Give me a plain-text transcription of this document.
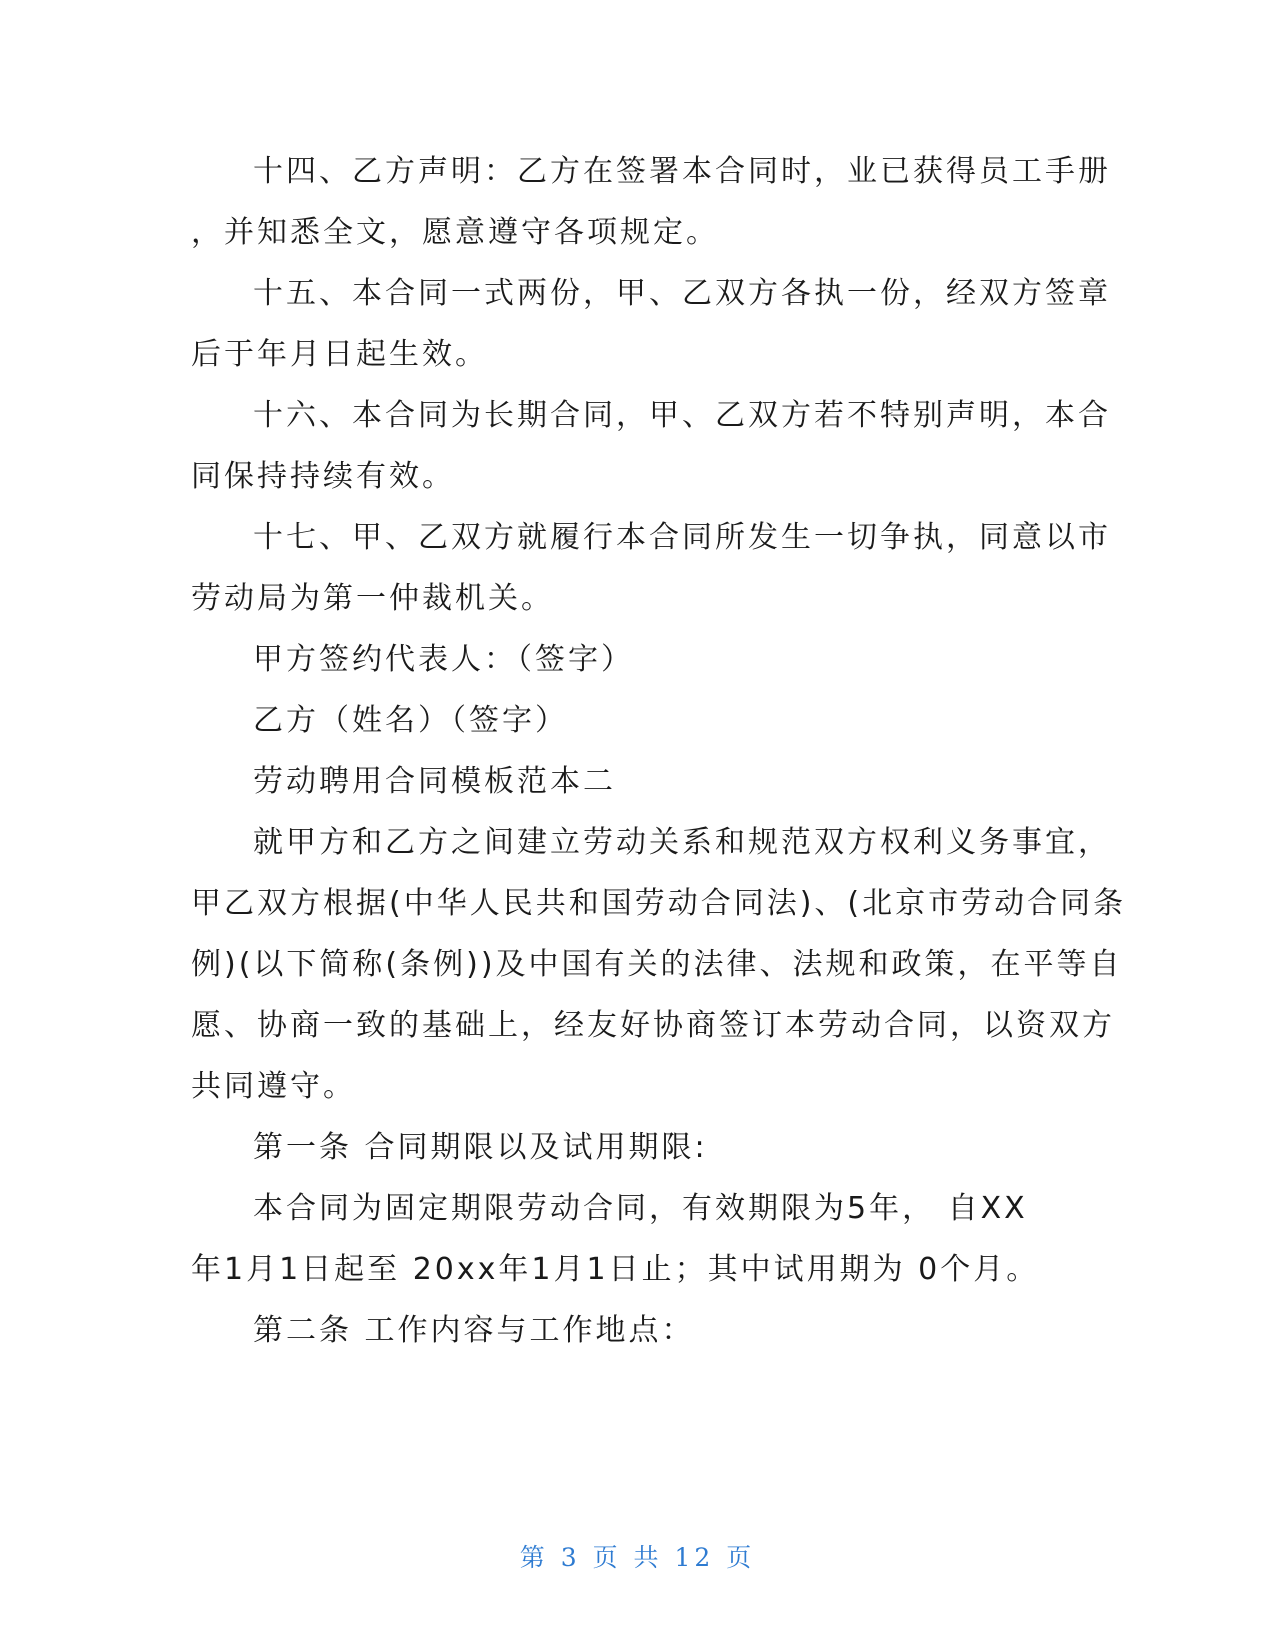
十四、乙方声明：乙方在签署本合同时，业已获得员工手册
，并知悉全文，愿意遵守各项规定。
十五、本合同一式两份，甲、乙双方各执一份，经双方签章
后于年月日起生效。
十六、本合同为长期合同，甲、乙双方若不特别声明，本合
同保持持续有效。
十七、甲、乙双方就履行本合同所发生一切争执，同意以市
劳动局为第一仲裁机关。
甲方签约代表人：（签字）
乙方（姓名）（签字）
劳动聘用合同模板范本二
就甲方和乙方之间建立劳动关系和规范双方权利义务事宜，
甲乙双方根据(中华人民共和国劳动合同法)、(北京市劳动合同条
例)(以下简称(条例))及中国有关的法律、法规和政策，在平等自
愿、协商一致的基础上，经友好协商签订本劳动合同，以资双方
共同遵守。
第一条 合同期限以及试用期限:
本合同为固定期限劳动合同，有效期限为5年， 自XX
年1月1日起至 20xx年1月1日止；其中试用期为 0个月。
第二条 工作内容与工作地点：
第 3 页 共 12 页
